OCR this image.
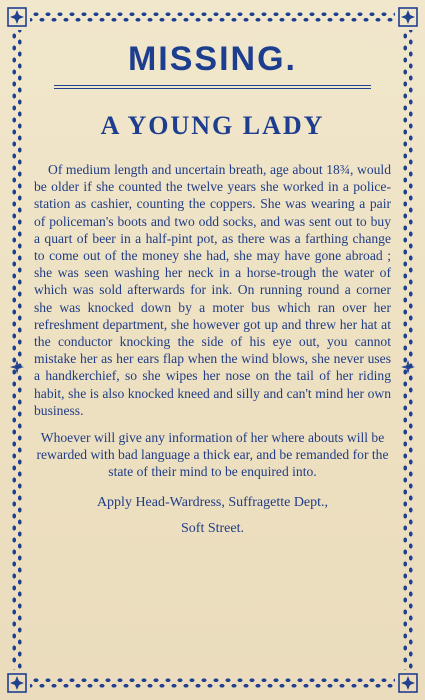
MISSING.
A YOUNG LADY

Of medium length and uncertain breath, age about 18¾, would be older if she counted the twelve years she worked in a police-station as cashier, counting the coppers. She was wearing a pair of policeman's boots and two odd socks, and was sent out to buy a quart of beer in a half-pint pot, as there was a farthing change to come out of the money she had, she may have gone abroad ; she was seen washing her neck in a horse-trough the water of which was sold afterwards for ink. On running round a corner she was knocked down by a moter bus which ran over her refreshment department, she however got up and threw her hat at the conductor knocking the side of his eye out, you cannot mistake her as her ears flap when the wind blows, she never uses a handkerchief, so she wipes her nose on the tail of her riding habit, she is also knocked kneed and silly and can't mind her own business.

Whoever will give any information of her where abouts will be rewarded with bad language a thick ear, and be remanded for the state of their mind to be enquired into.

Apply Head-Wardress, Suffragette Dept.,

Soft Street.
